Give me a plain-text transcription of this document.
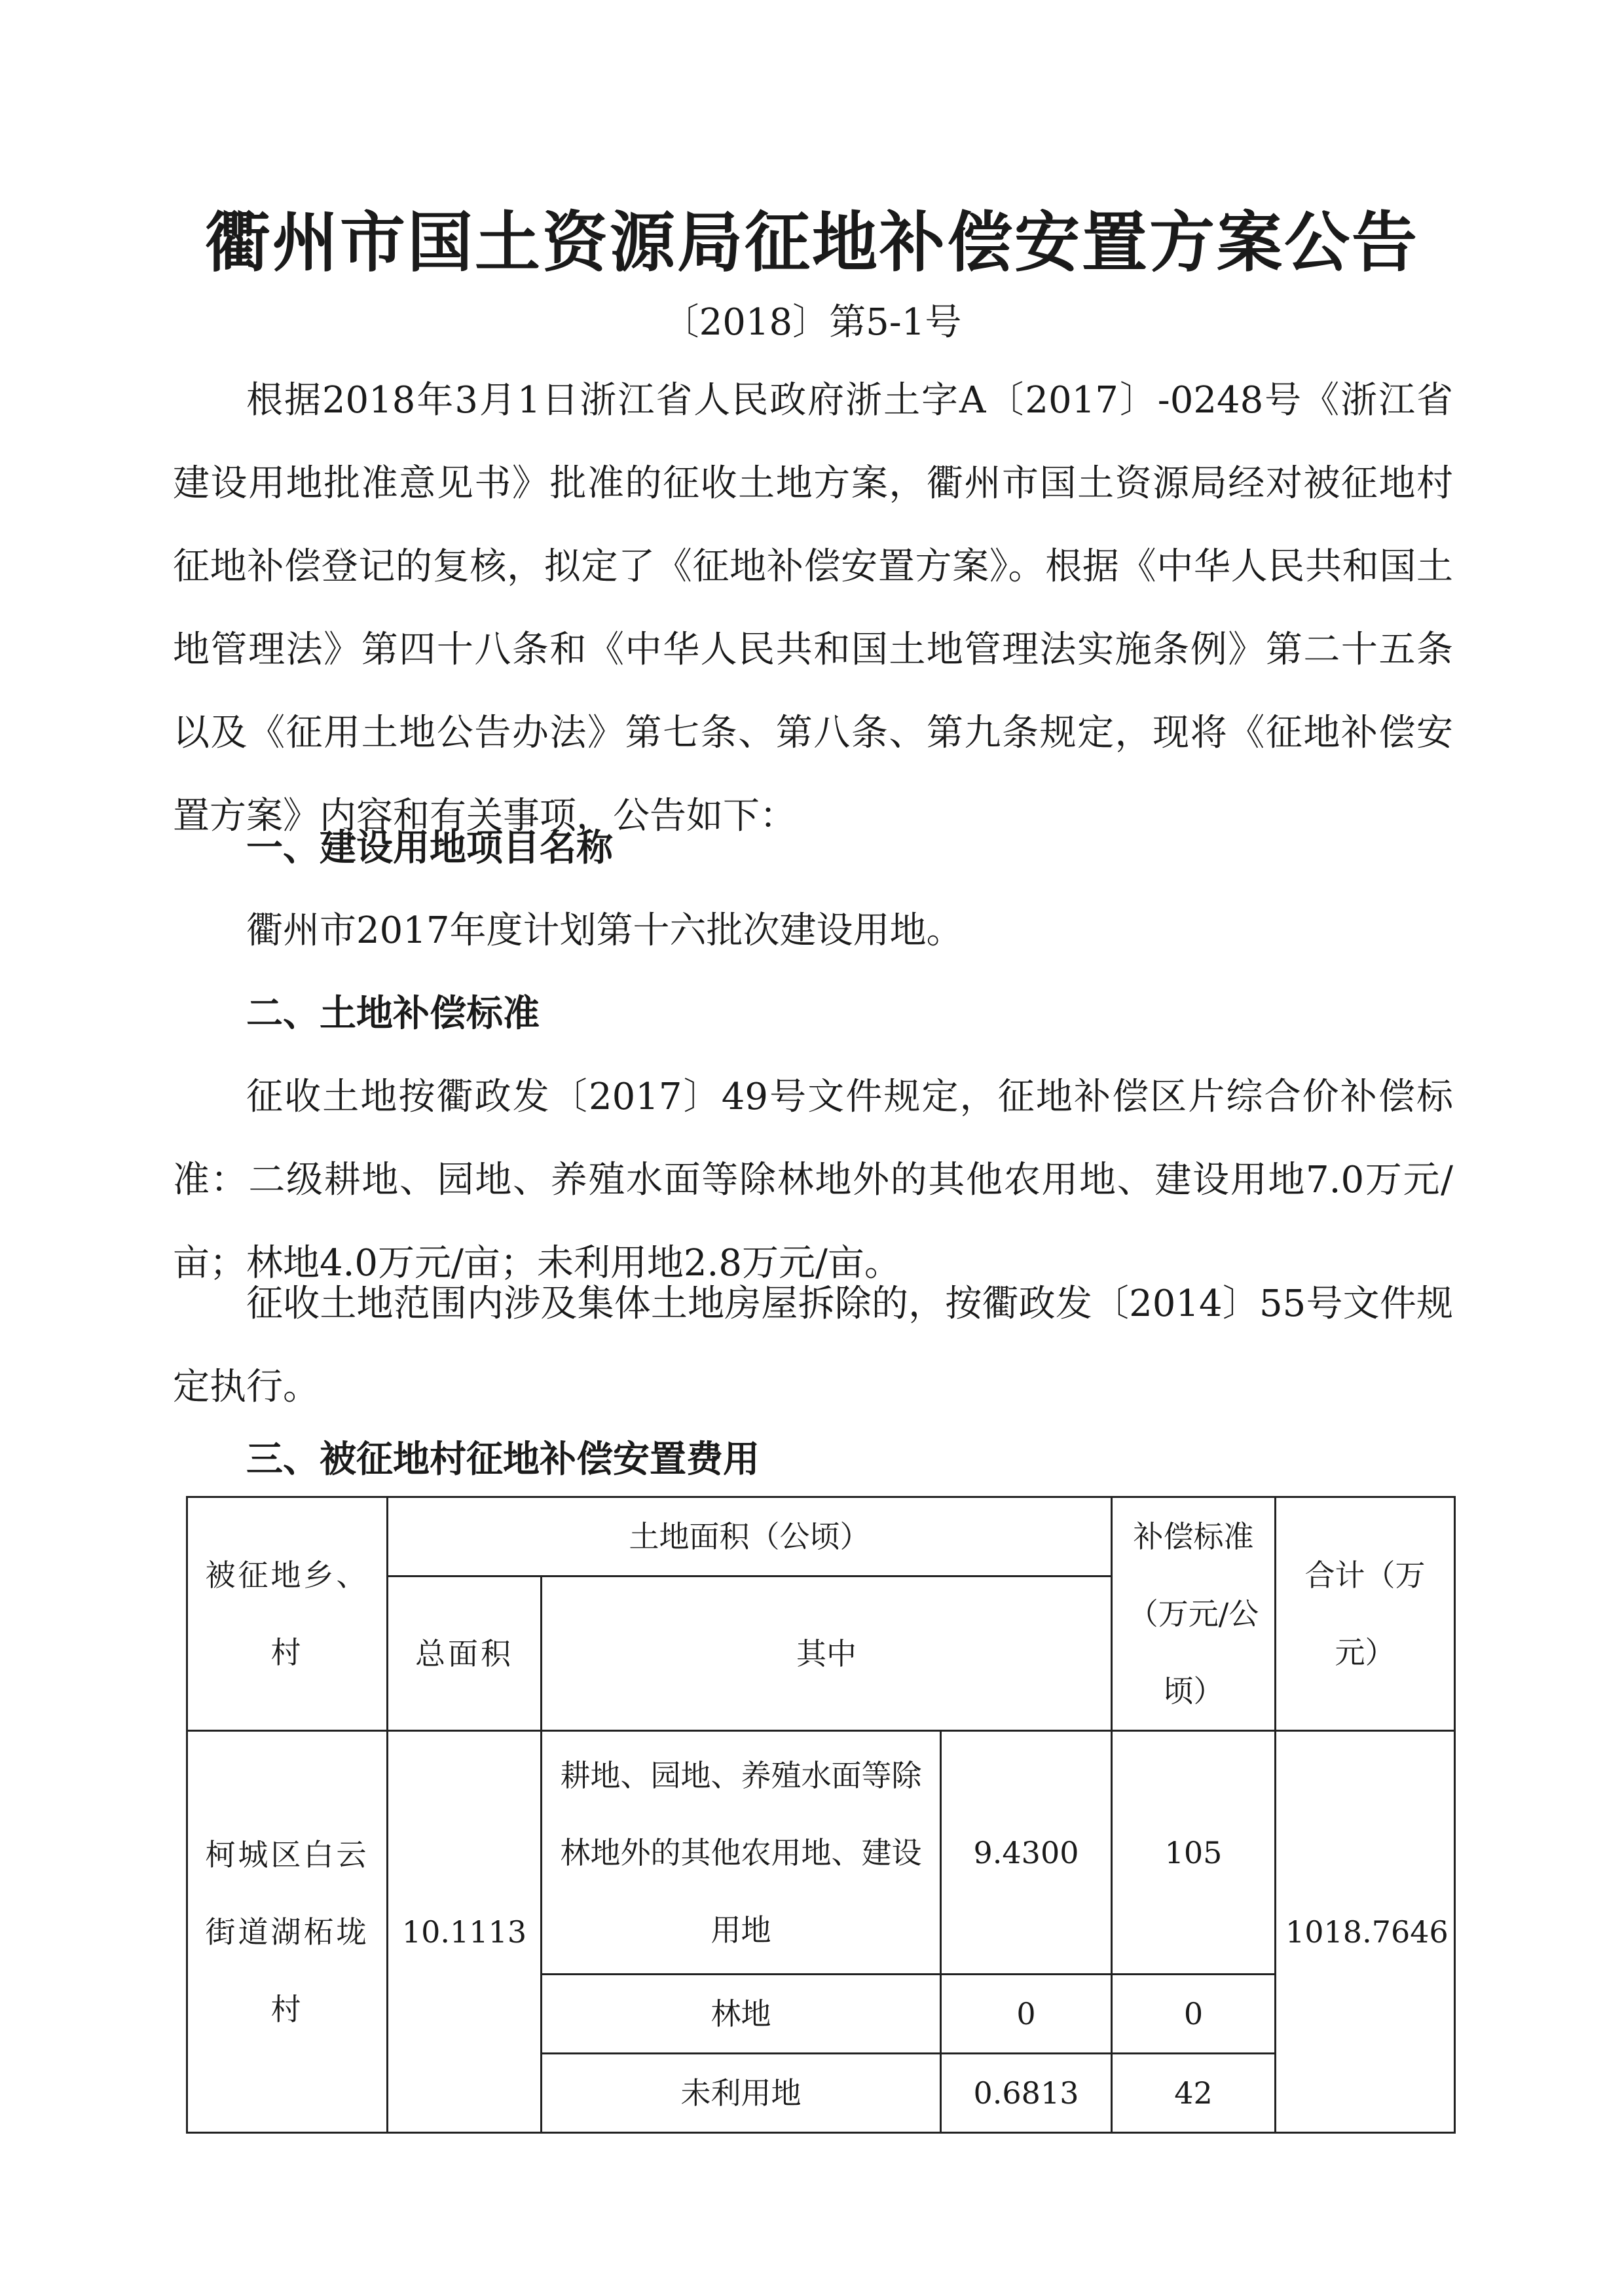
衢州市国土资源局征地补偿安置方案公告
〔2018〕第5-1号

根据2018年3月1日浙江省人民政府浙土字A〔2017〕-0248号《浙江省建设用地批准意见书》批准的征收土地方案，衢州市国土资源局经对被征地村征地补偿登记的复核，拟定了《征地补偿安置方案》。根据《中华人民共和国土地管理法》第四十八条和《中华人民共和国土地管理法实施条例》第二十五条以及《征用土地公告办法》第七条、第八条、第九条规定，现将《征地补偿安置方案》内容和有关事项，公告如下：

一、建设用地项目名称

衢州市2017年度计划第十六批次建设用地。

二、土地补偿标准

征收土地按衢政发〔2017〕49号文件规定，征地补偿区片综合价补偿标准：二级耕地、园地、养殖水面等除林地外的其他农用地、建设用地7.0万元/亩；林地4.0万元/亩；未利用地2.8万元/亩。

征收土地范围内涉及集体土地房屋拆除的，按衢政发〔2014〕55号文件规定执行。

三、被征地村征地补偿安置费用

被征地乡、村	土地面积（公顷）			补偿标准（万元/公顷）	合计（万元）
	总面积	其中			
柯城区白云街道湖柘垅村	10.1113	耕地、园地、养殖水面等除林地外的其他农用地、建设用地	9.4300	105	1018.7646
		林地	0	0	
		未利用地	0.6813	42	
